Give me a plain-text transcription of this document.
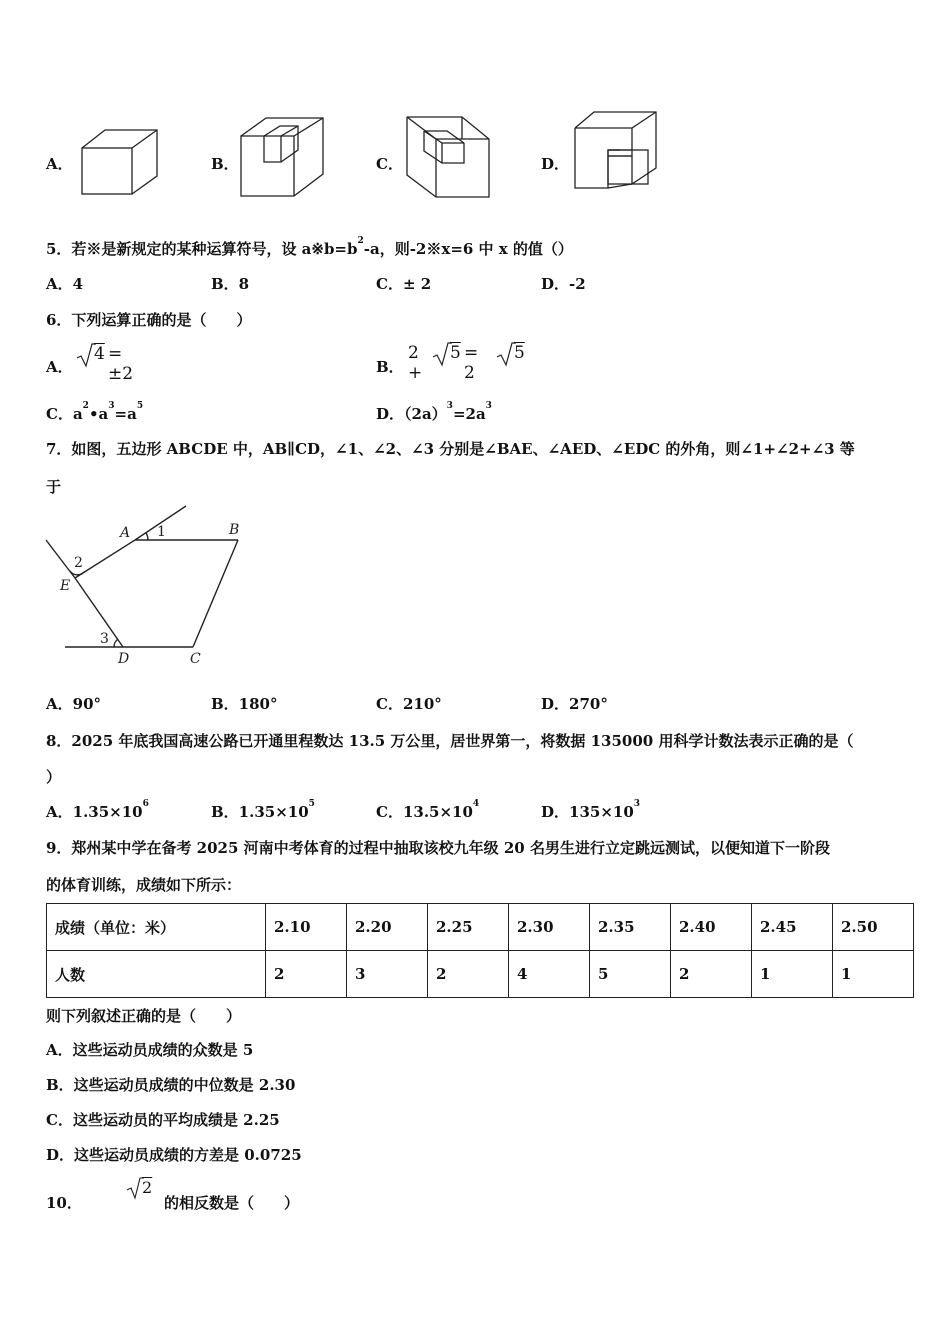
A．	B．	C．	D．
5．若※是新规定的某种运算符号，设 $a※b=b^2-a$，则-2※x=6 中 x 的值（）
A．4	B．8	C．± 2	D．-2
6．下列运算正确的是（　　）
A．
4 = ±2	B．
2 +
5 = 2
5
C．$a^2•a^3=a^5$	D．$(2a)^3=2a^3$
7．如图，五边形 ABCDE 中，AB∥CD，∠1、∠2、∠3 分别是∠BAE、∠AED、∠EDC 的外角，则∠1+∠2+∠3 等
于
A	B
C
D
E
1
2
3
A．90°	B．180°	C．210°	D．270°
8．2025 年底我国高速公路已开通里程数达 13.5 万公里，居世界第一，将数据 135000 用科学计数法表示正确的是（
）
A．$1.35\times 10^6$	B．$1.35\times 10^5$	C．$13.5\times 10^4$	D．$135\times 10^3$
9．郑州某中学在备考 2025 河南中考体育的过程中抽取该校九年级 20 名男生进行立定跳远测试，以便知道下一阶段
的体育训练，成绩如下所示：
成绩（单位：米）	2.10	2.20	2.25	2.30	2.35	2.40	2.45	2.50
人数	2	3	2	4	5	2	1	1
则下列叙述正确的是（　　）
A．这些运动员成绩的众数是 5
B．这些运动员成绩的中位数是 2.30
C．这些运动员的平均成绩是 2.25
D．这些运动员成绩的方差是 0.0725
10．
2
的相反数是（　　）
